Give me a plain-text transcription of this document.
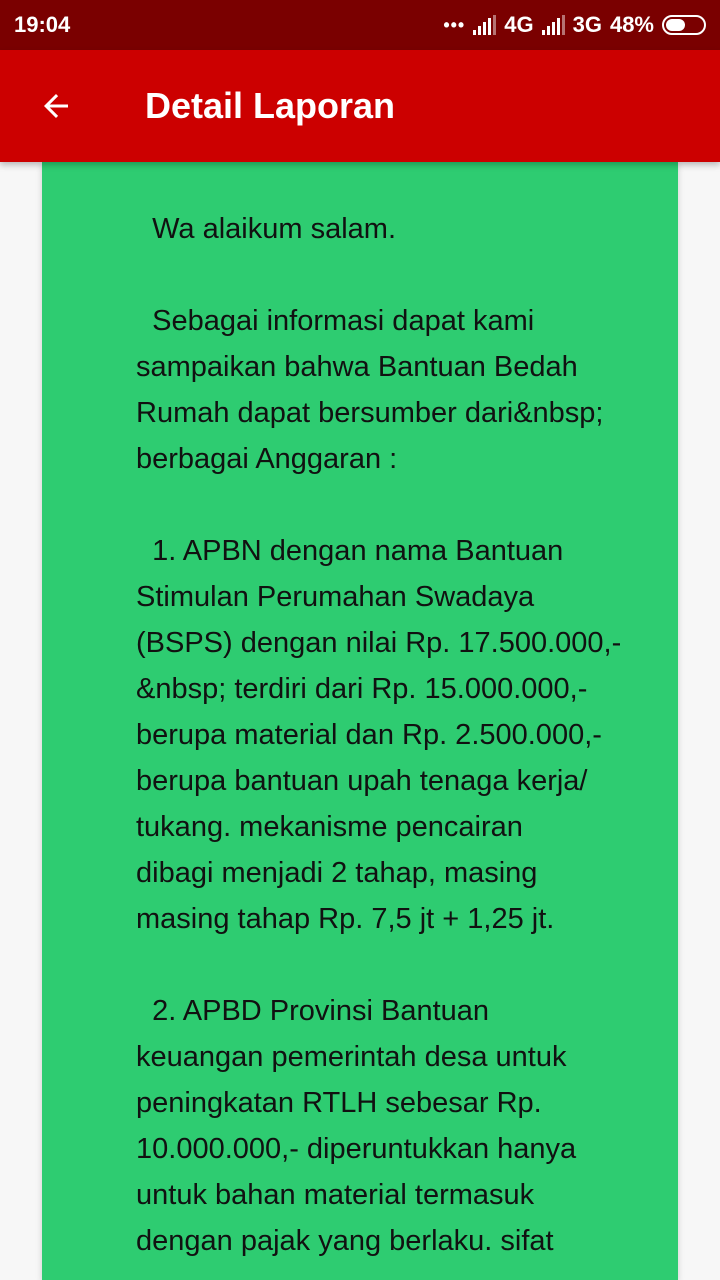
19:04	••• 4G 3G 48%
Detail Laporan

Wa alaikum salam.

Sebagai informasi dapat kami
sampaikan bahwa Bantuan Bedah
Rumah dapat bersumber dari&nbsp;
berbagai Anggaran :

1. APBN dengan nama Bantuan
Stimulan Perumahan Swadaya
(BSPS) dengan nilai Rp. 17.500.000,-
&nbsp; terdiri dari Rp. 15.000.000,-
berupa material dan Rp. 2.500.000,-
berupa bantuan upah tenaga kerja/
tukang. mekanisme pencairan
dibagi menjadi 2 tahap, masing
masing tahap Rp. 7,5 jt + 1,25 jt.

2. APBD Provinsi Bantuan
keuangan pemerintah desa untuk
peningkatan RTLH sebesar Rp.
10.000.000,- diperuntukkan hanya
untuk bahan material termasuk
dengan pajak yang berlaku. sifat
